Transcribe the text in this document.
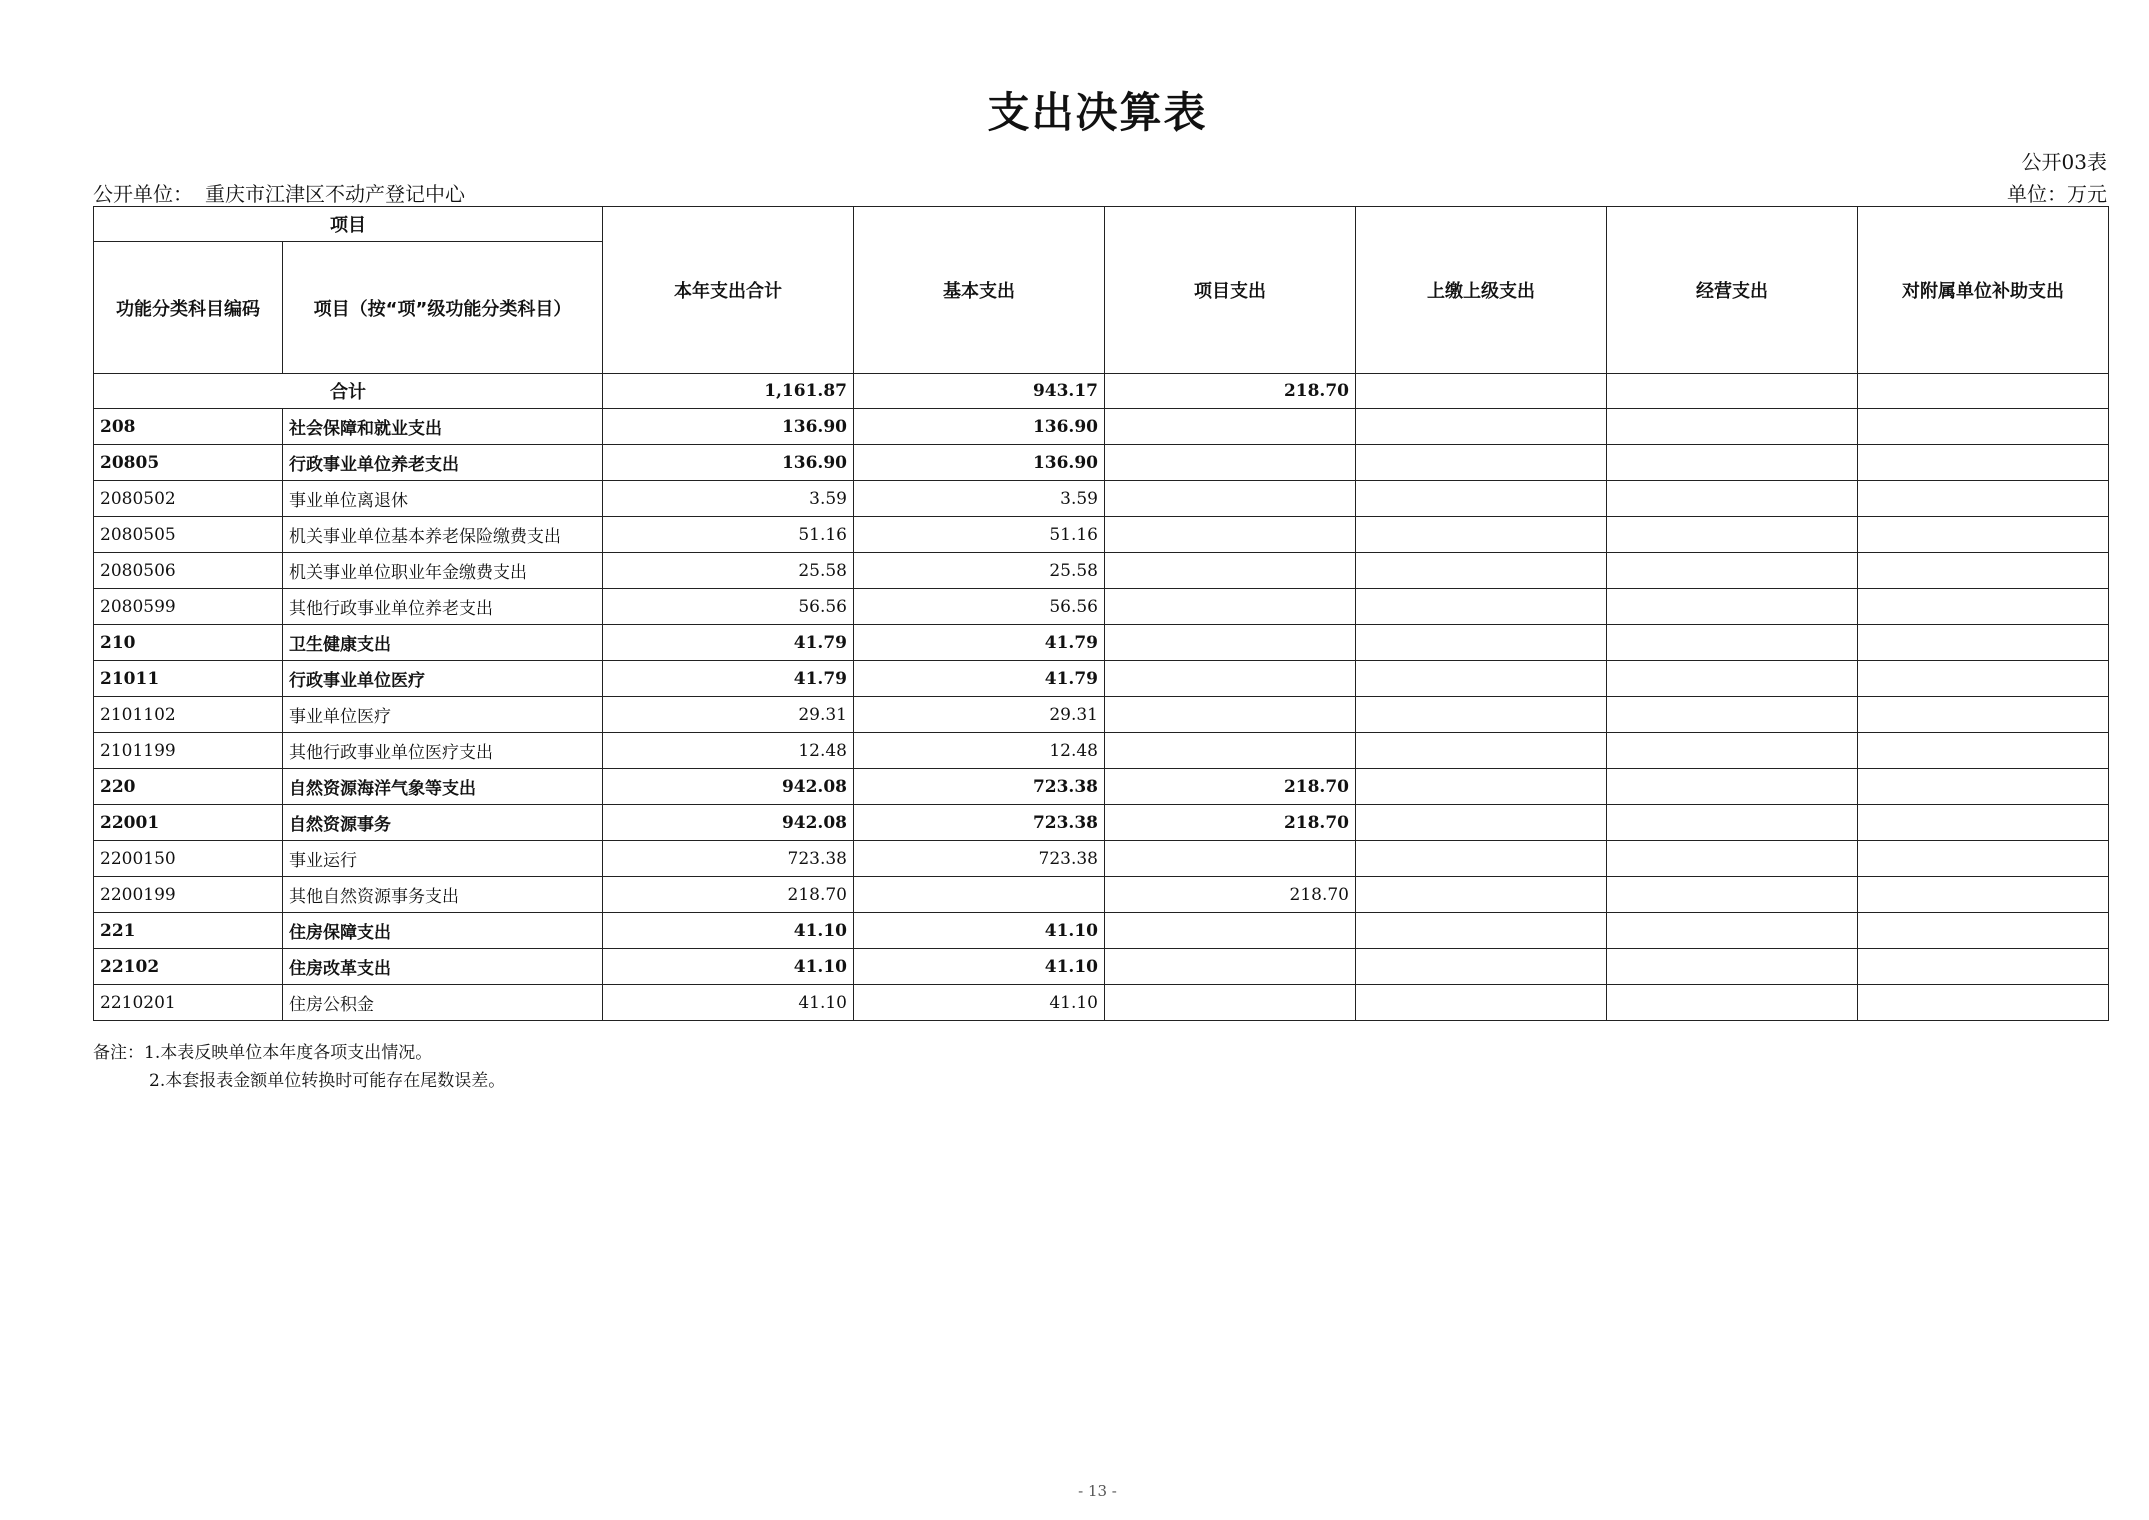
支出决算表
公开03表
公开单位： 重庆市江津区不动产登记中心	单位：万元
项目		本年支出合计	基本支出	项目支出	上缴上级支出	经营支出	对附属单位补助支出
功能分类科目编码	项目（按“项”级功能分类科目）						
合计		1,161.87	943.17	218.70			
208	社会保障和就业支出	136.90	136.90				
20805	行政事业单位养老支出	136.90	136.90				
2080502	事业单位离退休	3.59	3.59				
2080505	机关事业单位基本养老保险缴费支出	51.16	51.16				
2080506	机关事业单位职业年金缴费支出	25.58	25.58				
2080599	其他行政事业单位养老支出	56.56	56.56				
210	卫生健康支出	41.79	41.79				
21011	行政事业单位医疗	41.79	41.79				
2101102	事业单位医疗	29.31	29.31				
2101199	其他行政事业单位医疗支出	12.48	12.48				
220	自然资源海洋气象等支出	942.08	723.38	218.70			
22001	自然资源事务	942.08	723.38	218.70			
2200150	事业运行	723.38	723.38				
2200199	其他自然资源事务支出	218.70		218.70			
221	住房保障支出	41.10	41.10				
22102	住房改革支出	41.10	41.10				
2210201	住房公积金	41.10	41.10				
备注：1.本表反映单位本年度各项支出情况。
2.本套报表金额单位转换时可能存在尾数误差。
- 13 -
